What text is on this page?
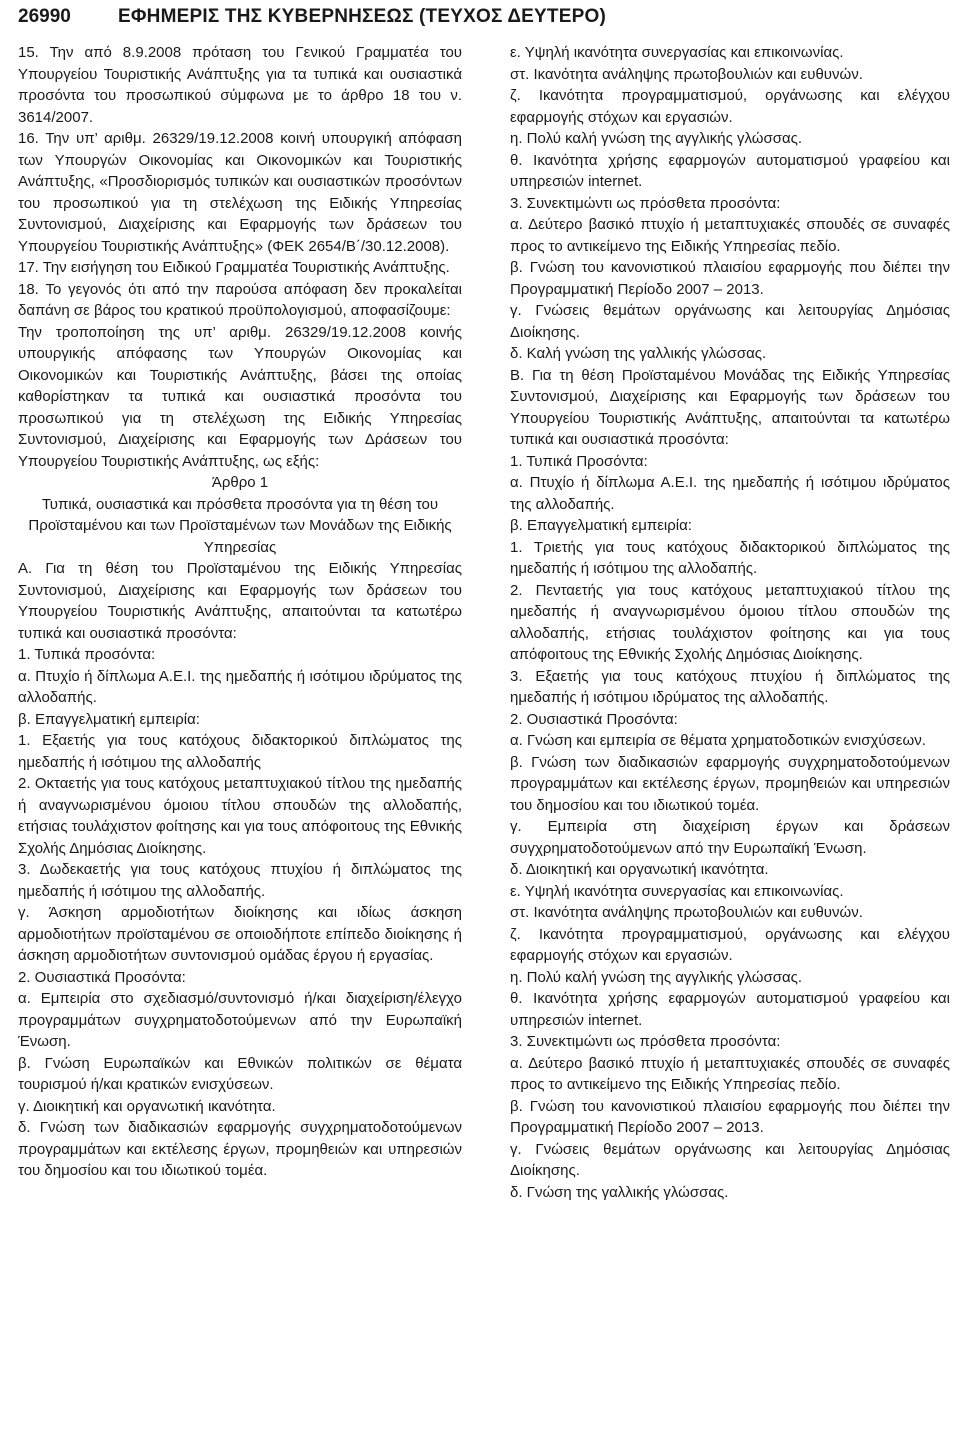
26990 ΕΦΗΜΕΡΙΣ ΤΗΣ ΚΥΒΕΡΝΗΣΕΩΣ (ΤΕΥΧΟΣ ΔΕΥΤΕΡΟ)

15. Την από 8.9.2008 πρόταση του Γενικού Γραμματέα του Υπουργείου Τουριστικής Ανάπτυξης για τα τυπικά και ουσιαστικά προσόντα του προσωπικού σύμφωνα με το άρθρο 18 του ν. 3614/2007.

16. Την υπ’ αριθμ. 26329/19.12.2008 κοινή υπουργική απόφαση των Υπουργών Οικονομίας και Οικονομικών και Τουριστικής Ανάπτυξης, «Προσδιορισμός τυπικών και ουσιαστικών προσόντων του προσωπικού για τη στελέχωση της Ειδικής Υπηρεσίας Συντονισμού, Διαχείρισης και Εφαρμογής των δράσεων του Υπουργείου Τουριστικής Ανάπτυξης» (ΦΕΚ 2654/Β΄/30.12.2008).

17. Την εισήγηση του Ειδικού Γραμματέα Τουριστικής Ανάπτυξης.

18. Το γεγονός ότι από την παρούσα απόφαση δεν προκαλείται δαπάνη σε βάρος του κρατικού προϋπολογισμού, αποφασίζουμε:

Την τροποποίηση της υπ’ αριθμ. 26329/19.12.2008 κοινής υπουργικής απόφασης των Υπουργών Οικονομίας και Οικονομικών και Τουριστικής Ανάπτυξης, βάσει της οποίας καθορίστηκαν τα τυπικά και ουσιαστικά προσόντα του προσωπικού για τη στελέχωση της Ειδικής Υπηρεσίας Συντονισμού, Διαχείρισης και Εφαρμογής των Δράσεων του Υπουργείου Τουριστικής Ανάπτυξης, ως εξής:

Άρθρο 1

Τυπικά, ουσιαστικά και πρόσθετα προσόντα για τη θέση του Προϊσταμένου και των Προϊσταμένων των Μονάδων της Ειδικής Υπηρεσίας

Α. Για τη θέση του Προϊσταμένου της Ειδικής Υπηρεσίας Συντονισμού, Διαχείρισης και Εφαρμογής των δράσεων του Υπουργείου Τουριστικής Ανάπτυξης, απαιτούνται τα κατωτέρω τυπικά και ουσιαστικά προσόντα:

1. Τυπικά προσόντα:

α. Πτυχίο ή δίπλωμα Α.Ε.Ι. της ημεδαπής ή ισότιμου ιδρύματος της αλλοδαπής.

β. Επαγγελματική εμπειρία:

1. Εξαετής για τους κατόχους διδακτορικού διπλώματος της ημεδαπής ή ισότιμου της αλλοδαπής

2. Οκταετής για τους κατόχους μεταπτυχιακού τίτλου της ημεδαπής ή αναγνωρισμένου όμοιου τίτλου σπουδών της αλλοδαπής, ετήσιας τουλάχιστον φοίτησης και για τους απόφοιτους της Εθνικής Σχολής Δημόσιας Διοίκησης.

3. Δωδεκαετής για τους κατόχους πτυχίου ή διπλώματος της ημεδαπής ή ισότιμου της αλλοδαπής.

γ. Άσκηση αρμοδιοτήτων διοίκησης και ιδίως άσκηση αρμοδιοτήτων προϊσταμένου σε οποιοδήποτε επίπεδο διοίκησης ή άσκηση αρμοδιοτήτων συντονισμού ομάδας έργου ή εργασίας.

2. Ουσιαστικά Προσόντα:

α. Εμπειρία στο σχεδιασμό/συντονισμό ή/και διαχείριση/έλεγχο προγραμμάτων συγχρηματοδοτούμενων από την Ευρωπαϊκή Ένωση.

β. Γνώση Ευρωπαϊκών και Εθνικών πολιτικών σε θέματα τουρισμού ή/και κρατικών ενισχύσεων.

γ. Διοικητική και οργανωτική ικανότητα.

δ. Γνώση των διαδικασιών εφαρμογής συγχρηματοδοτούμενων προγραμμάτων και εκτέλεσης έργων, προμηθειών και υπηρεσιών του δημοσίου και του ιδιωτικού τομέα.

ε. Υψηλή ικανότητα συνεργασίας και επικοινωνίας.

στ. Ικανότητα ανάληψης πρωτοβουλιών και ευθυνών.

ζ. Ικανότητα προγραμματισμού, οργάνωσης και ελέγχου εφαρμογής στόχων και εργασιών.

η. Πολύ καλή γνώση της αγγλικής γλώσσας.

θ. Ικανότητα χρήσης εφαρμογών αυτοματισμού γραφείου και υπηρεσιών internet.

3. Συνεκτιμώντι ως πρόσθετα προσόντα:

α. Δεύτερο βασικό πτυχίο ή μεταπτυχιακές σπουδές σε συναφές προς το αντικείμενο της Ειδικής Υπηρεσίας πεδίο.

β. Γνώση του κανονιστικού πλαισίου εφαρμογής που διέπει την Προγραμματική Περίοδο 2007 – 2013.

γ. Γνώσεις θεμάτων οργάνωσης και λειτουργίας Δημόσιας Διοίκησης.

δ. Καλή γνώση της γαλλικής γλώσσας.

Β. Για τη θέση Προϊσταμένου Μονάδας της Ειδικής Υπηρεσίας Συντονισμού, Διαχείρισης και Εφαρμογής των δράσεων του Υπουργείου Τουριστικής Ανάπτυξης, απαιτούνται τα κατωτέρω τυπικά και ουσιαστικά προσόντα:

1. Τυπικά Προσόντα:

α. Πτυχίο ή δίπλωμα Α.Ε.Ι. της ημεδαπής ή ισότιμου ιδρύματος της αλλοδαπής.

β. Επαγγελματική εμπειρία:

1. Τριετής για τους κατόχους διδακτορικού διπλώματος της ημεδαπής ή ισότιμου της αλλοδαπής.

2. Πενταετής για τους κατόχους μεταπτυχιακού τίτλου της ημεδαπής ή αναγνωρισμένου όμοιου τίτλου σπουδών της αλλοδαπής, ετήσιας τουλάχιστον φοίτησης και για τους απόφοιτους της Εθνικής Σχολής Δημόσιας Διοίκησης.

3. Εξαετής για τους κατόχους πτυχίου ή διπλώματος της ημεδαπής ή ισότιμου ιδρύματος της αλλοδαπής.

2. Ουσιαστικά Προσόντα:

α. Γνώση και εμπειρία σε θέματα χρηματοδοτικών ενισχύσεων.

β. Γνώση των διαδικασιών εφαρμογής συγχρηματοδοτούμενων προγραμμάτων και εκτέλεσης έργων, προμηθειών και υπηρεσιών του δημοσίου και του ιδιωτικού τομέα.

γ. Εμπειρία στη διαχείριση έργων και δράσεων συγχρηματοδοτούμενων από την Ευρωπαϊκή Ένωση.

δ. Διοικητική και οργανωτική ικανότητα.

ε. Υψηλή ικανότητα συνεργασίας και επικοινωνίας.

στ. Ικανότητα ανάληψης πρωτοβουλιών και ευθυνών.

ζ. Ικανότητα προγραμματισμού, οργάνωσης και ελέγχου εφαρμογής στόχων και εργασιών.

η. Πολύ καλή γνώση της αγγλικής γλώσσας.

θ. Ικανότητα χρήσης εφαρμογών αυτοματισμού γραφείου και υπηρεσιών internet.

3. Συνεκτιμώντι ως πρόσθετα προσόντα:

α. Δεύτερο βασικό πτυχίο ή μεταπτυχιακές σπουδές σε συναφές προς το αντικείμενο της Ειδικής Υπηρεσίας πεδίο.

β. Γνώση του κανονιστικού πλαισίου εφαρμογής που διέπει την Προγραμματική Περίοδο 2007 – 2013.

γ. Γνώσεις θεμάτων οργάνωσης και λειτουργίας Δημόσιας Διοίκησης.

δ. Γνώση της γαλλικής γλώσσας.
